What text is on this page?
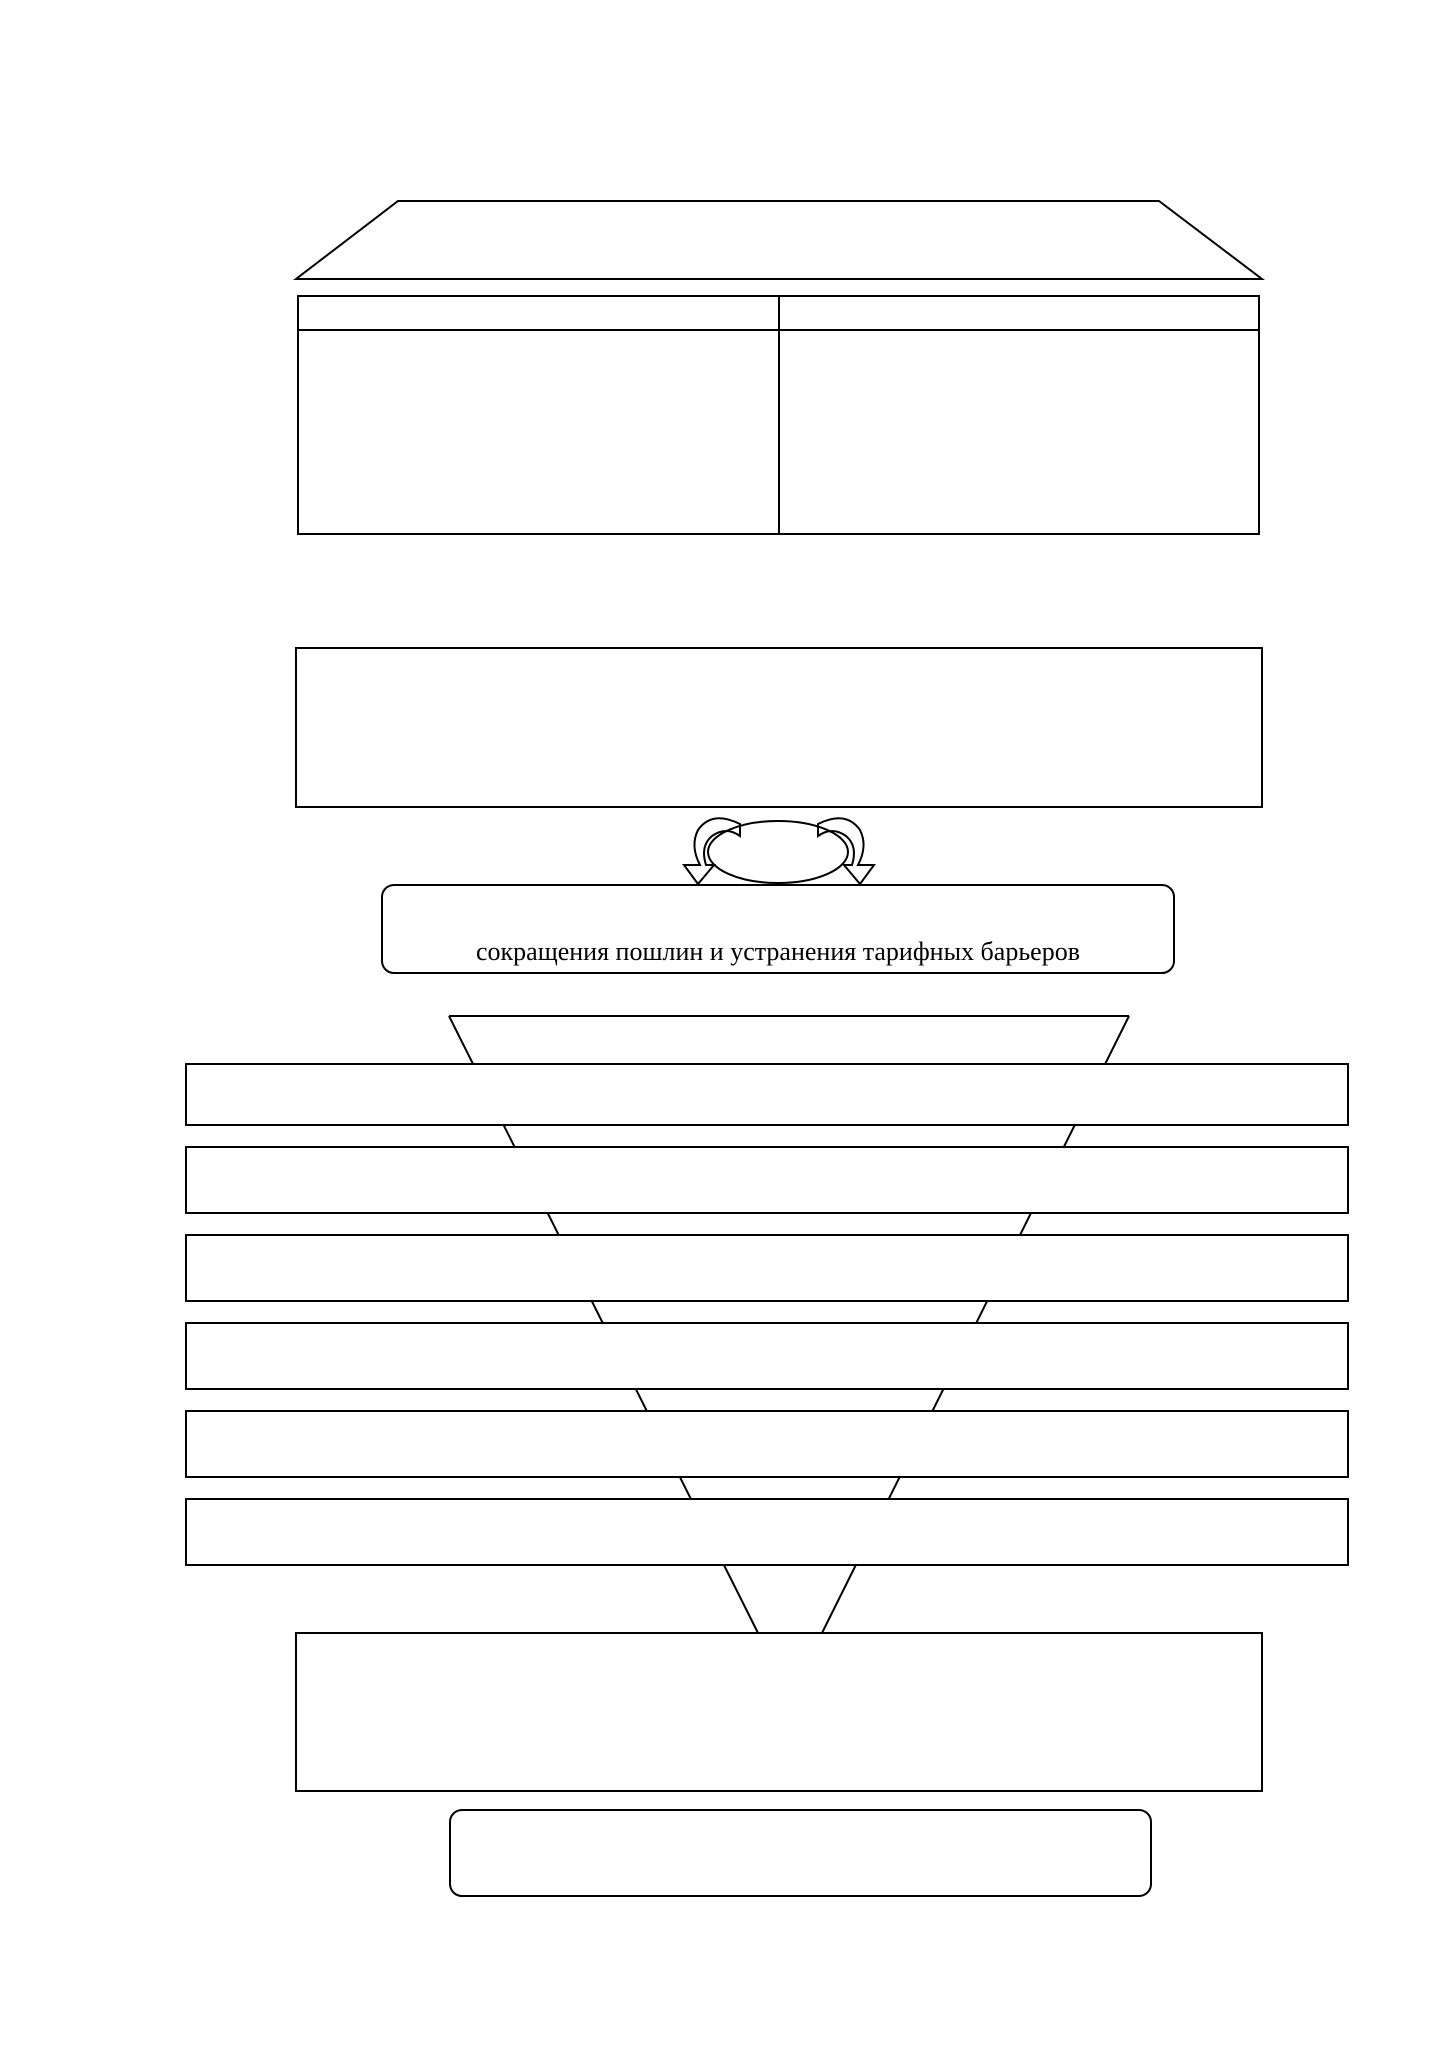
сокращения пошлин и устранения тарифных барьеров
